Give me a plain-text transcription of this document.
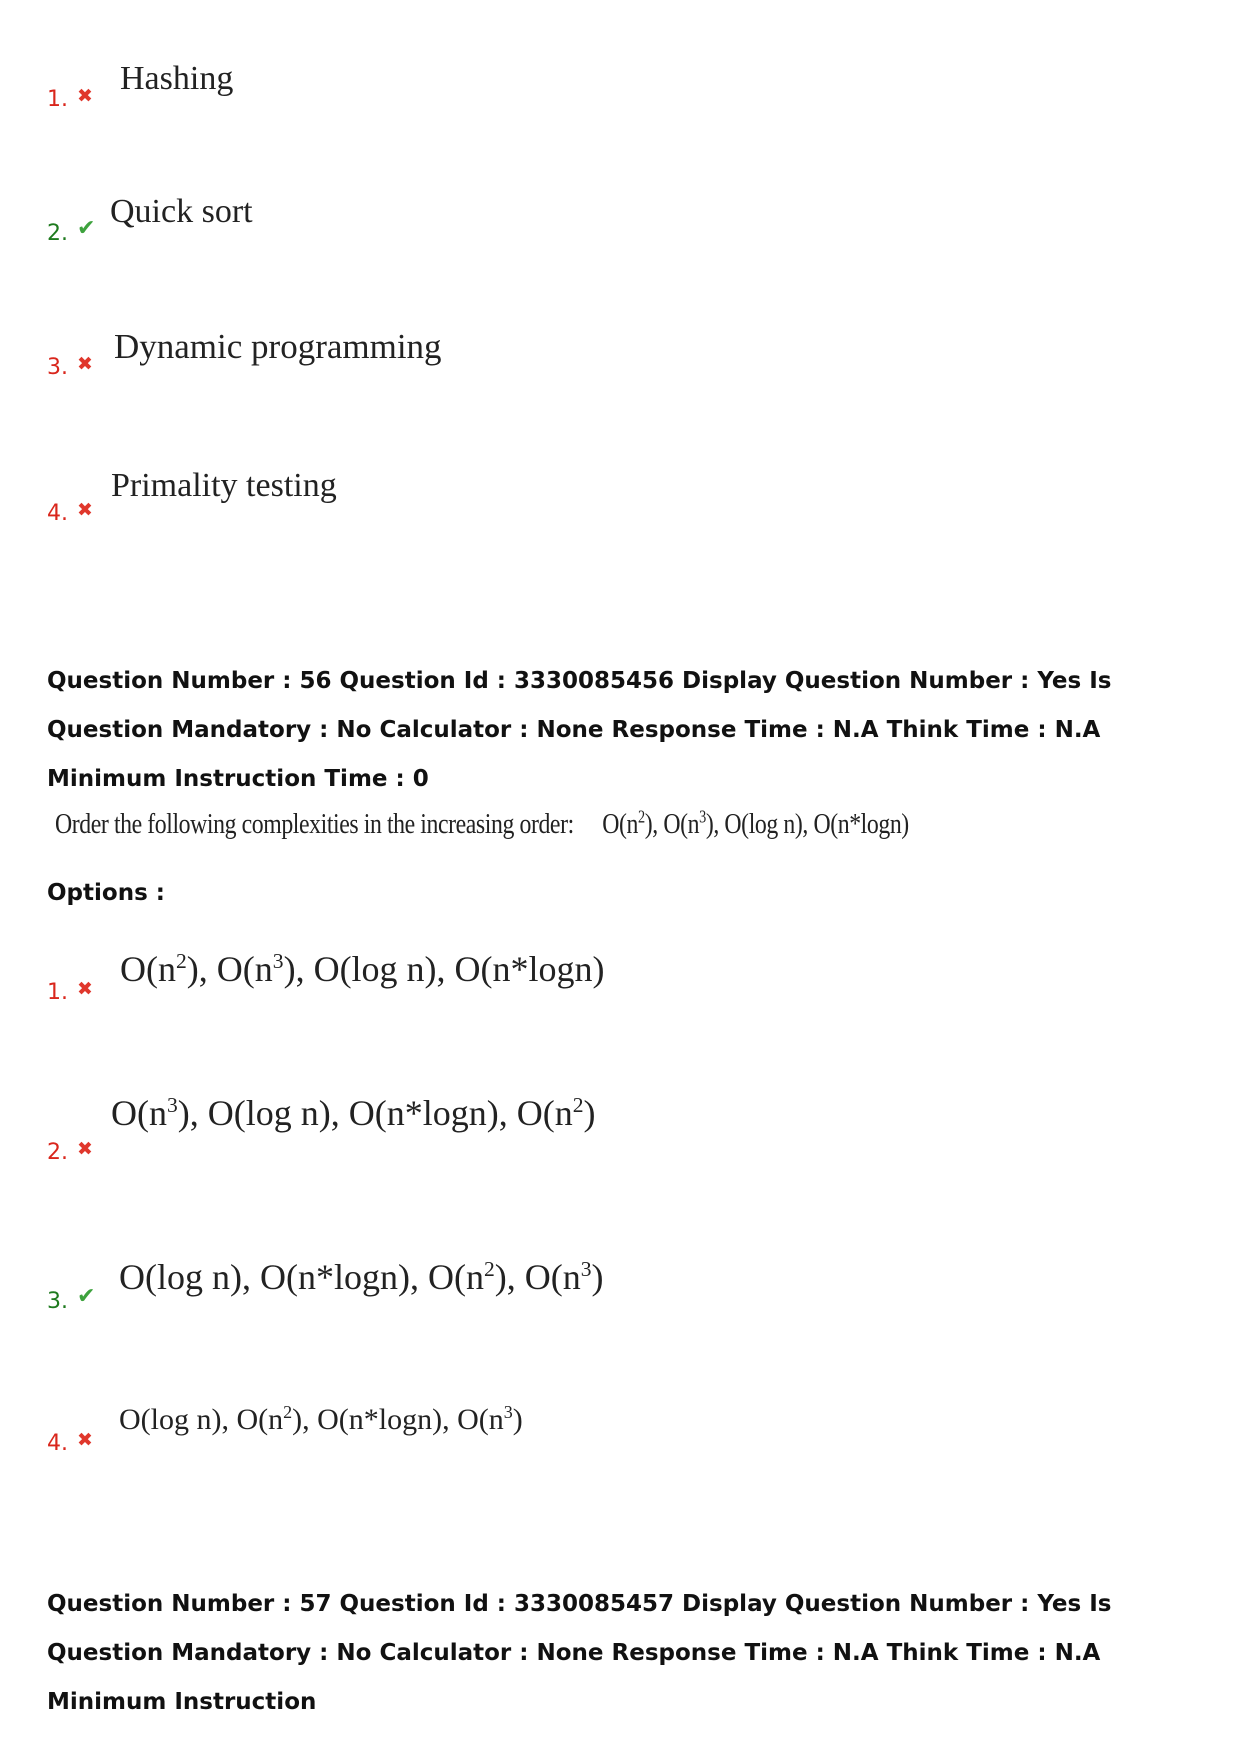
1. ✖ Hashing
2. ✔ Quick sort
3. ✖ Dynamic programming
4. ✖
Primality testing
Question Number : 56 Question Id : 3330085456 Display Question Number : Yes Is Question Mandatory : No Calculator : None Response Time : N.A Think Time : N.A Minimum Instruction Time : 0
Order the following complexities in the increasing order: $O(n^2)$, $O(n^3)$, O(log n), O(n*logn)
Options :
1. ✖ $O(n^2)$, $O(n^3)$, O(log n), O(n*logn)
2. ✖
$O(n^3)$, O(log n), O(n*logn), $O(n^2)$
3. ✔ O(log n), O(n*logn), $O(n^2)$, $O(n^3)$
4. ✖
O(log n), $O(n^2)$, O(n*logn), $O(n^3)$
Question Number : 57 Question Id : 3330085457 Display Question Number : Yes Is Question Mandatory : No Calculator : None Response Time : N.A Think Time : N.A Minimum Instruction
